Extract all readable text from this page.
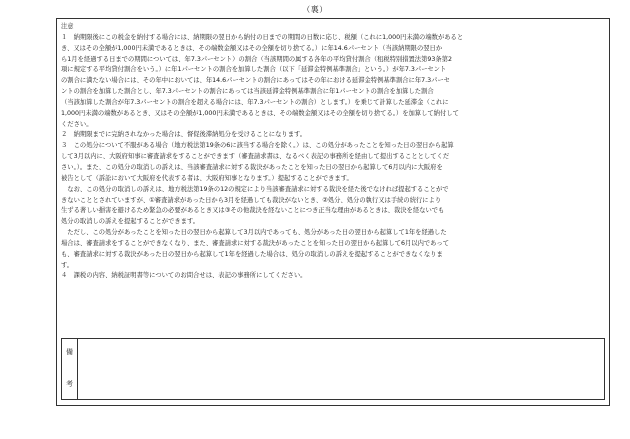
（裏）

注意

１　納期限後にこの税金を納付する場合には、納期限の翌日から納付の日までの期間の日数に応じ、税額（これに1,000円未満の端数があると

き、又はその全額が1,000円未満であるときは、その端数金額又はその全額を切り捨てる。）に年14.6パーセント（当該納期限の翌日か

ら1月を経過する日までの期間については、年7.3パーセント）の割合（当該期間の属する各年の平均貸付割合（租税特別措置法第93条第2

項に規定する平均貸付割合をいう。）に年1パーセントの割合を加算した割合（以下「延滞金特例基準割合」という。）が年7.3パーセント

の割合に満たない場合には、その年中においては、年14.6パーセントの割合にあってはその年における延滞金特例基準割合に年7.3パーセ

ントの割合を加算した割合とし、年7.3パーセントの割合にあっては当該延滞金特例基準割合に年1パーセントの割合を加算した割合

（当該加算した割合が年7.3パーセントの割合を超える場合には、年7.3パーセントの割合）とします。）を乗じて計算した延滞金（これに

1,000円未満の端数があるとき、又はその全額が1,000円未満であるときは、その端数金額又はその全額を切り捨てる。）を加算して納付して

ください。

２　納期限までに完納されなかった場合は、督促後滞納処分を受けることになります。

３　この処分について不服がある場合（地方税法第19条の6に該当する場合を除く。）は、この処分があったことを知った日の翌日から起算

して3月以内に、大阪府知事に審査請求をすることができます（審査請求書は、なるべく表記の事務所を経由して提出することとしてくだ

さい。）。また、この処分の取消しの訴えは、当該審査請求に対する裁決があったことを知った日の翌日から起算して6月以内に大阪府を

被告として（訴訟において大阪府を代表する者は、大阪府知事となります。）提起することができます。

　なお、この処分の取消しの訴えは、地方税法第19条の12の規定により当該審査請求に対する裁決を経た後でなければ提起することがで

きないこととされていますが、①審査請求があった日から3月を経過しても裁決がないとき、②処分、処分の執行又は手続の続行により

生ずる著しい損害を避けるため緊急の必要があるとき又は③その他裁決を経ないことにつき正当な理由があるときは、裁決を経ないでも

処分の取消しの訴えを提起することができます。

　ただし、この処分があったことを知った日の翌日から起算して3月以内であっても、処分があった日の翌日から起算して1年を経過した

場合は、審査請求をすることができなくなり、また、審査請求に対する裁決があったことを知った日の翌日から起算して6月以内であって

も、審査請求に対する裁決があった日の翌日から起算して1年を経過した場合は、処分の取消しの訴えを提起することができなくなりま

す。

４　課税の内容、納税証明書等についてのお問合せは、表記の事務所にしてください。

備
考
